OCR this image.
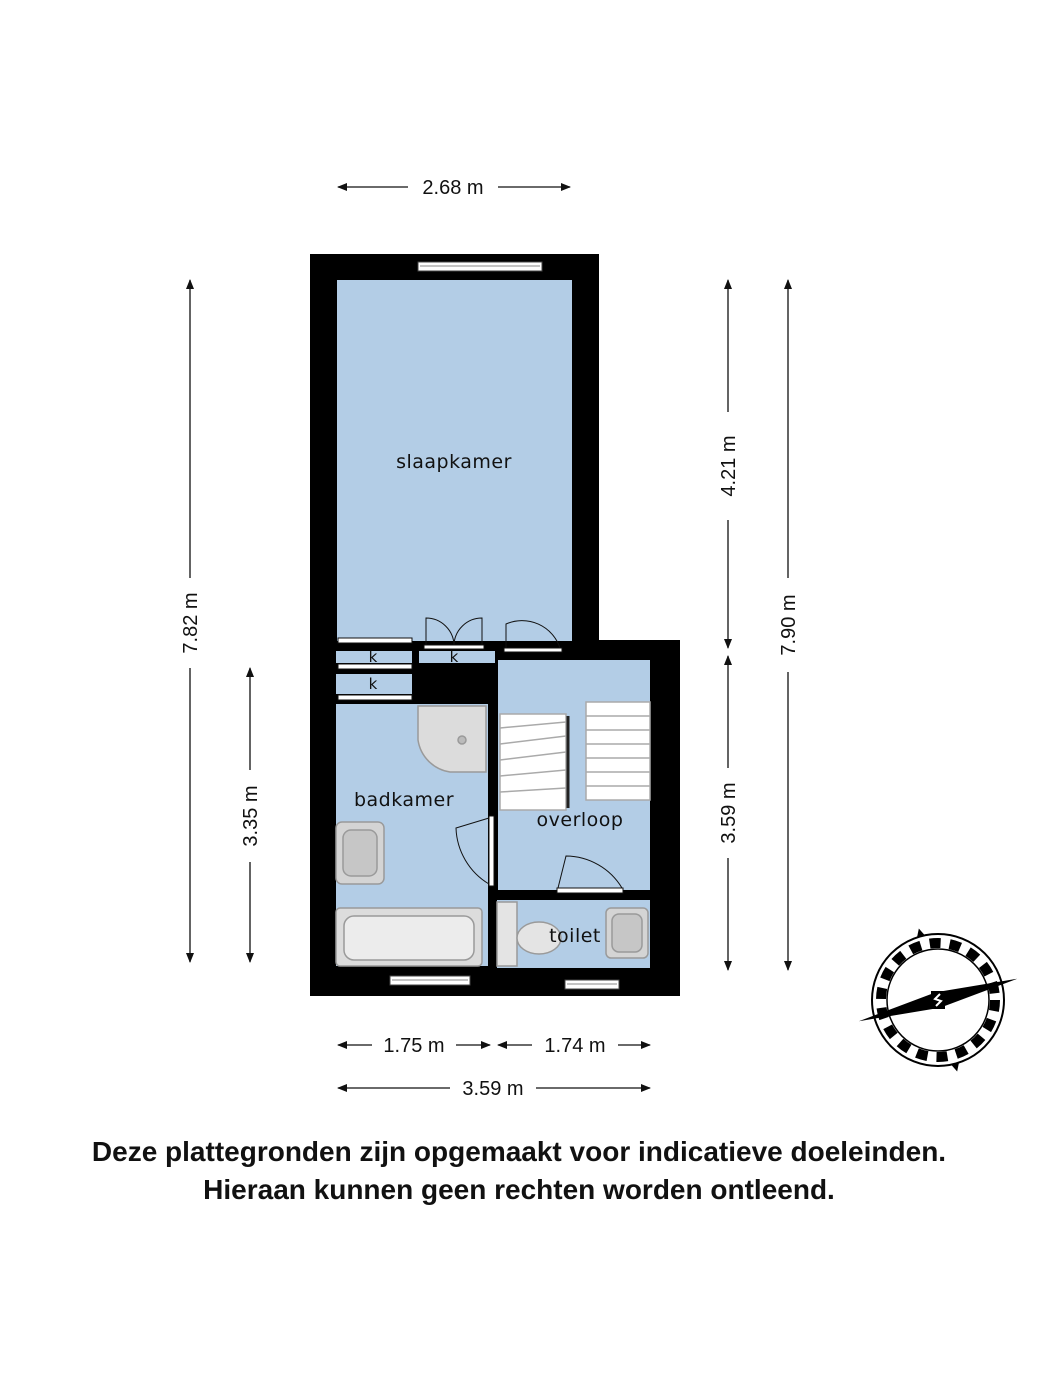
slaapkamer
badkamer
overloop
toilet
k
k
k
2.68 m
7.82 m
3.35 m
4.21 m
3.59 m
7.90 m
1.75 m	1.74 m
3.59 m
Deze plattegronden zijn opgemaakt voor indicatieve doeleinden.
Hieraan kunnen geen rechten worden ontleend.
